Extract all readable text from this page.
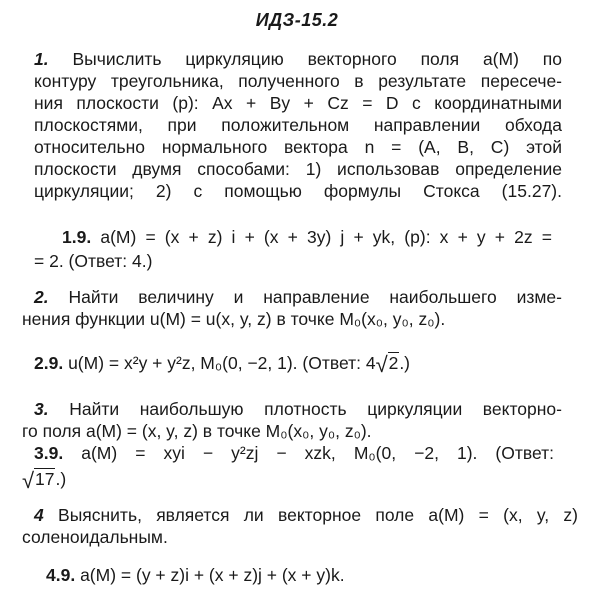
ИДЗ-15.2
1. Вычислить циркуляцию векторного поля a(M) по
контуру треугольника, полученного в результате пересече-
ния плоскости (p): Ax + By + Cz = D с координатными
плоскостями, при положительном направлении обхода
относительно нормального вектора n = (A, B, C) этой
плоскости двумя способами: 1) использовав определение
циркуляции; 2) с помощью формулы Стокса (15.27).
1.9. a(M) = (x + z) i + (x + 3y) j + yk, (p): x + y + 2z =
= 2. (Ответ: 4.)
2. Найти величину и направление наибольшего изме-
нения функции u(M) = u(x, y, z) в точке M₀(x₀, y₀, z₀).
2.9. u(M) = x²y + y²z, M₀(0, −2, 1). (Ответ: 4 √ 2.)
3. Найти наибольшую плотность циркуляции векторно-
го поля a(M) = (x, y, z) в точке M₀(x₀, y₀, z₀).
3.9. a(M) = xyi − y²zj − xzk, M₀(0, −2, 1). (Ответ:
√ 17.)
4 Выяснить, является ли векторное поле a(M) = (x, y, z)
соленоидальным.
4.9. a(M) = (y + z)i + (x + z)j + (x + y)k.
